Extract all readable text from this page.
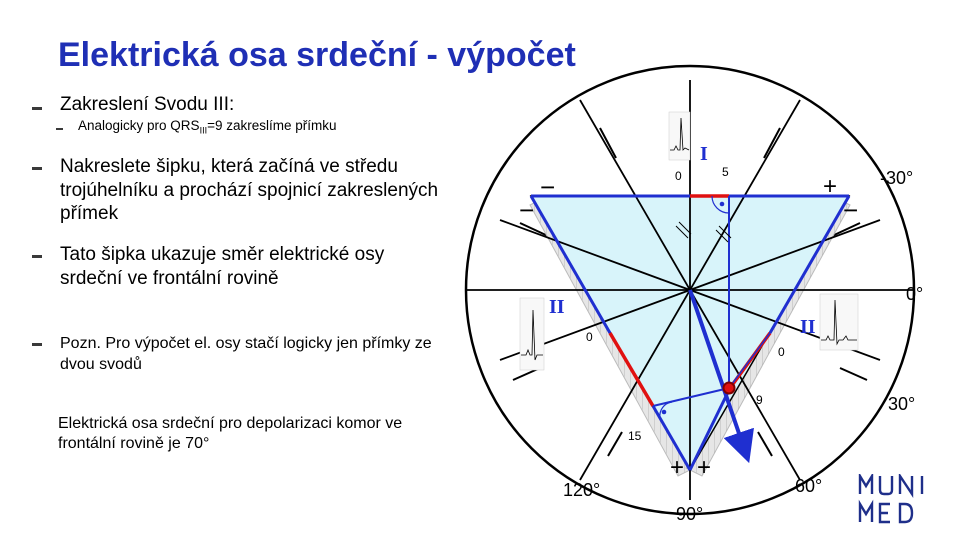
Elektrická osa srdeční - výpočet
Zakreslení Svodu III:
Analogicky pro $QRS_{III}=9$ zakreslíme přímku
Nakreslete šipku, která začíná ve středu trojúhelníku a prochází spojnicí zakreslených přímek
Tato šipka ukazuje směr elektrické osy srdeční ve frontální rovině
Pozn. Pro výpočet el. osy stačí logicky jen přímky ze dvou svodů
Elektrická osa srdeční pro depolarizaci komor ve frontální rovině je 70°
I
II
II
0	5
0
15
0
9
−
−	−
+
+ +
-30°
0°
30°
60°
90°
120°
